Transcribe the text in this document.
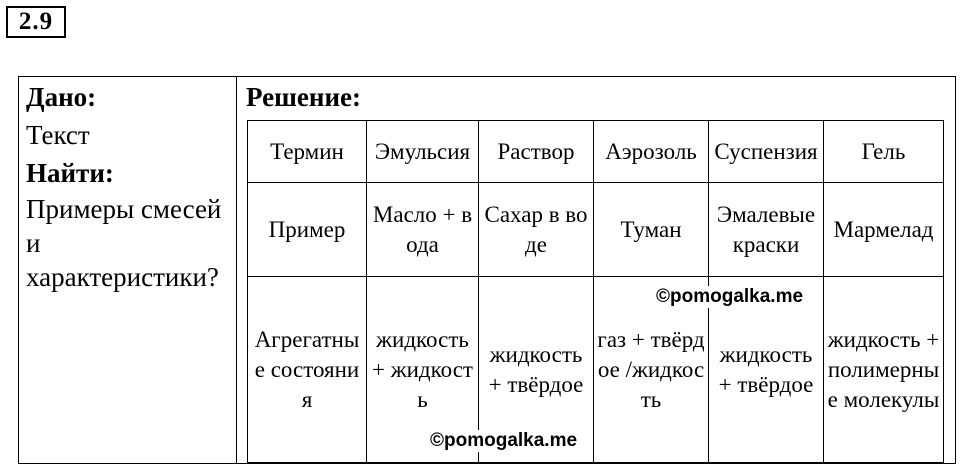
2.9
Дано:
Текст
Найти:
Примеры смесей и характеристики?
Решение:
Термин	Эмульсия	Раствор	Аэрозоль	Суспензия	Гель
Пример	Масло + вода	Сахар в воде	Туман	Эмалевые краски	Мармелад
Агрегатные состояния	жидкость + жидкость	жидкость + твёрдое	газ + твёрдое /жидкость	жидкость + твёрдое	жидкость + полимерные молекулы
©pomogalka.me
©pomogalka.me
